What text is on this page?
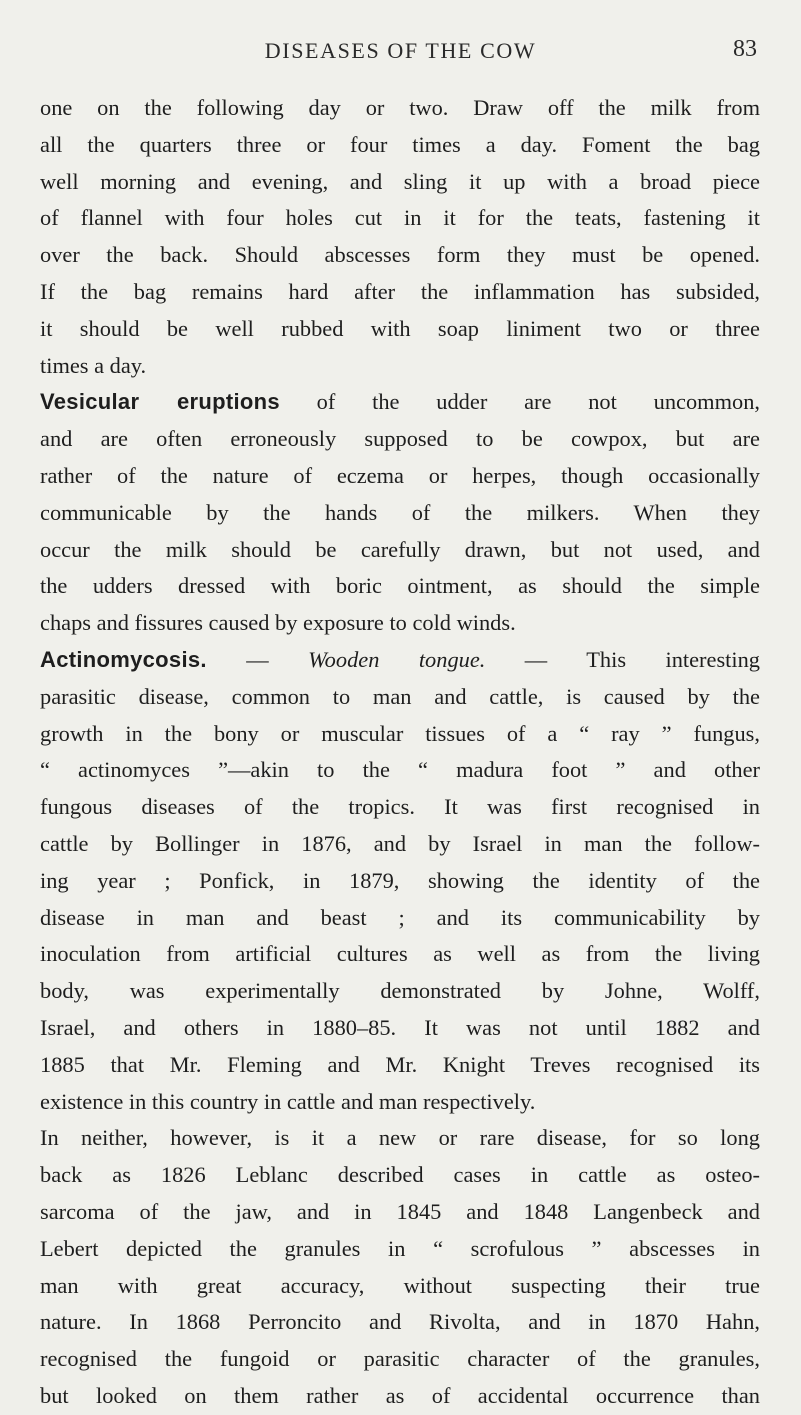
DISEASES OF THE COW	83
one on the following day or two. Draw off the milk from
all the quarters three or four times a day. Foment the bag
well morning and evening, and sling it up with a broad piece
of flannel with four holes cut in it for the teats, fastening it
over the back. Should abscesses form they must be opened.
If the bag remains hard after the inflammation has subsided,
it should be well rubbed with soap liniment two or three
times a day.
Vesicular eruptions of the udder are not uncommon,
and are often erroneously supposed to be cowpox, but are
rather of the nature of eczema or herpes, though occasionally
communicable by the hands of the milkers. When they
occur the milk should be carefully drawn, but not used, and
the udders dressed with boric ointment, as should the simple
chaps and fissures caused by exposure to cold winds.
Actinomycosis. — Wooden tongue. — This interesting
parasitic disease, common to man and cattle, is caused by the
growth in the bony or muscular tissues of a “ ray ” fungus,
“ actinomyces ”—akin to the “ madura foot ” and other
fungous diseases of the tropics. It was first recognised in
cattle by Bollinger in 1876, and by Israel in man the follow-
ing year ; Ponfick, in 1879, showing the identity of the
disease in man and beast ; and its communicability by
inoculation from artificial cultures as well as from the living
body, was experimentally demonstrated by Johne, Wolff,
Israel, and others in 1880–85. It was not until 1882 and
1885 that Mr. Fleming and Mr. Knight Treves recognised its
existence in this country in cattle and man respectively.
In neither, however, is it a new or rare disease, for so long
back as 1826 Leblanc described cases in cattle as osteo-
sarcoma of the jaw, and in 1845 and 1848 Langenbeck and
Lebert depicted the granules in “ scrofulous ” abscesses in
man with great accuracy, without suspecting their true
nature. In 1868 Perroncito and Rivolta, and in 1870 Hahn,
recognised the fungoid or parasitic character of the granules,
but looked on them rather as of accidental occurrence than
